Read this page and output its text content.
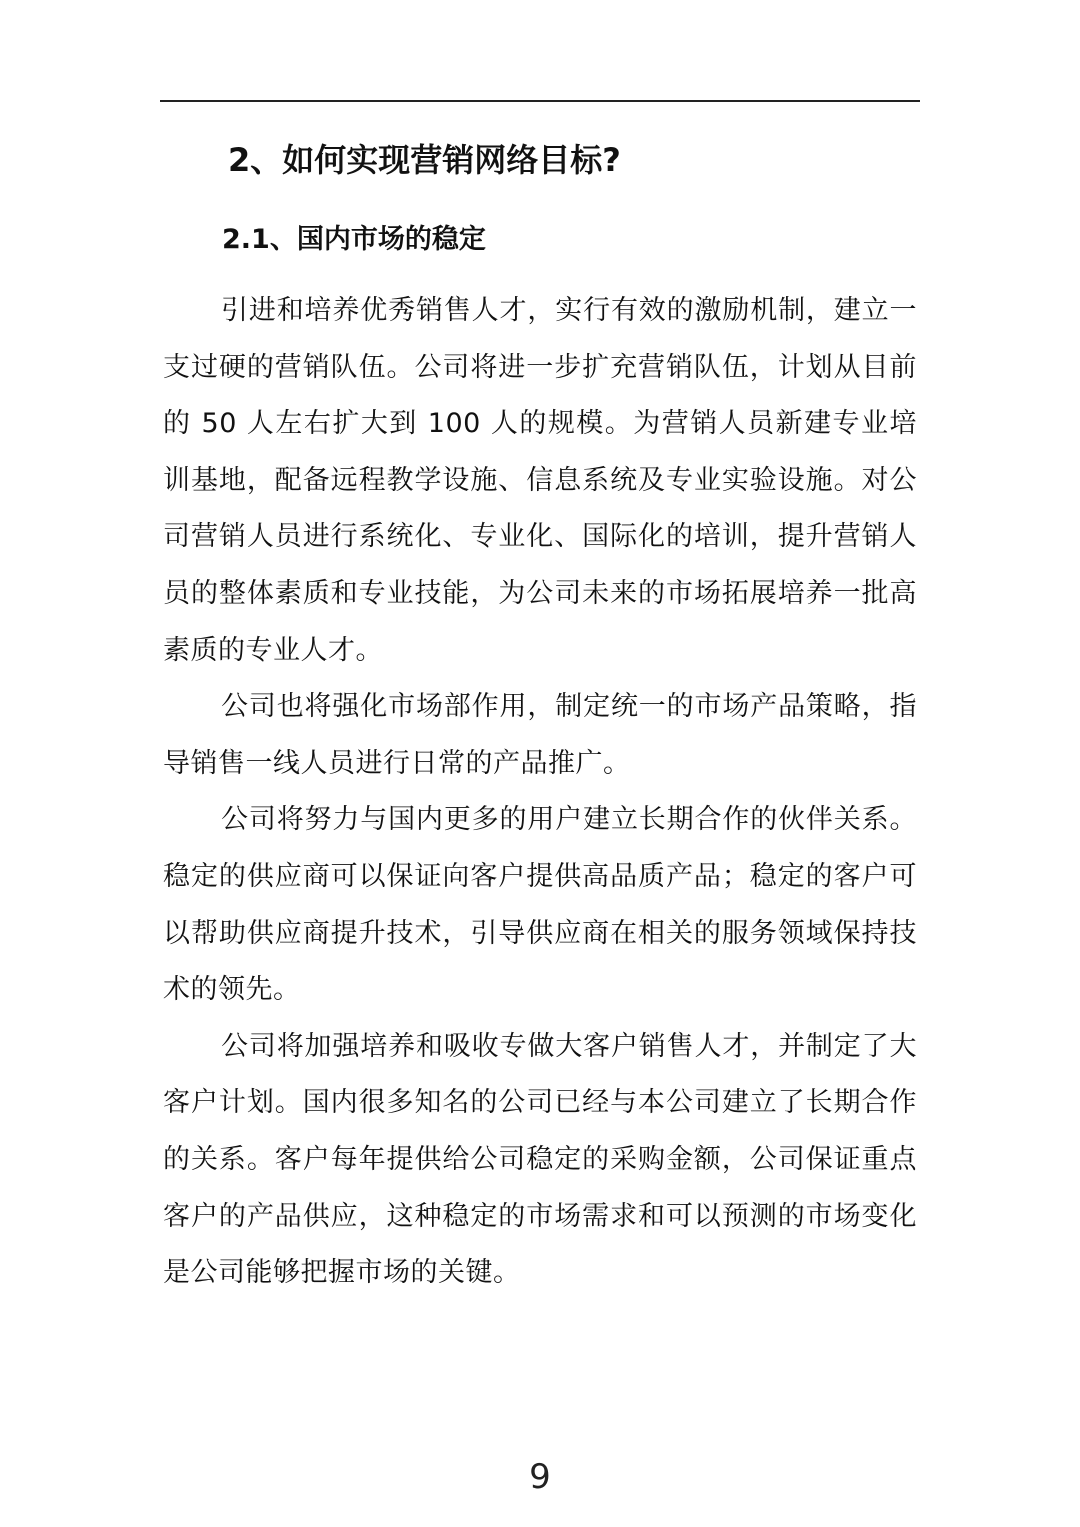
2、如何实现营销网络目标?
2.1、国内市场的稳定

引进和培养优秀销售人才，实行有效的激励机制，建立一支过硬的营销队伍。公司将进一步扩充营销队伍，计划从目前的 50 人左右扩大到 100 人的规模。为营销人员新建专业培训基地，配备远程教学设施、信息系统及专业实验设施。对公司营销人员进行系统化、专业化、国际化的培训，提升营销人员的整体素质和专业技能，为公司未来的市场拓展培养一批高素质的专业人才。

公司也将强化市场部作用，制定统一的市场产品策略，指导销售一线人员进行日常的产品推广。

公司将努力与国内更多的用户建立长期合作的伙伴关系。稳定的供应商可以保证向客户提供高品质产品；稳定的客户可以帮助供应商提升技术，引导供应商在相关的服务领域保持技术的领先。

公司将加强培养和吸收专做大客户销售人才，并制定了大客户计划。国内很多知名的公司已经与本公司建立了长期合作的关系。客户每年提供给公司稳定的采购金额，公司保证重点客户的产品供应，这种稳定的市场需求和可以预测的市场变化是公司能够把握市场的关键。

9
